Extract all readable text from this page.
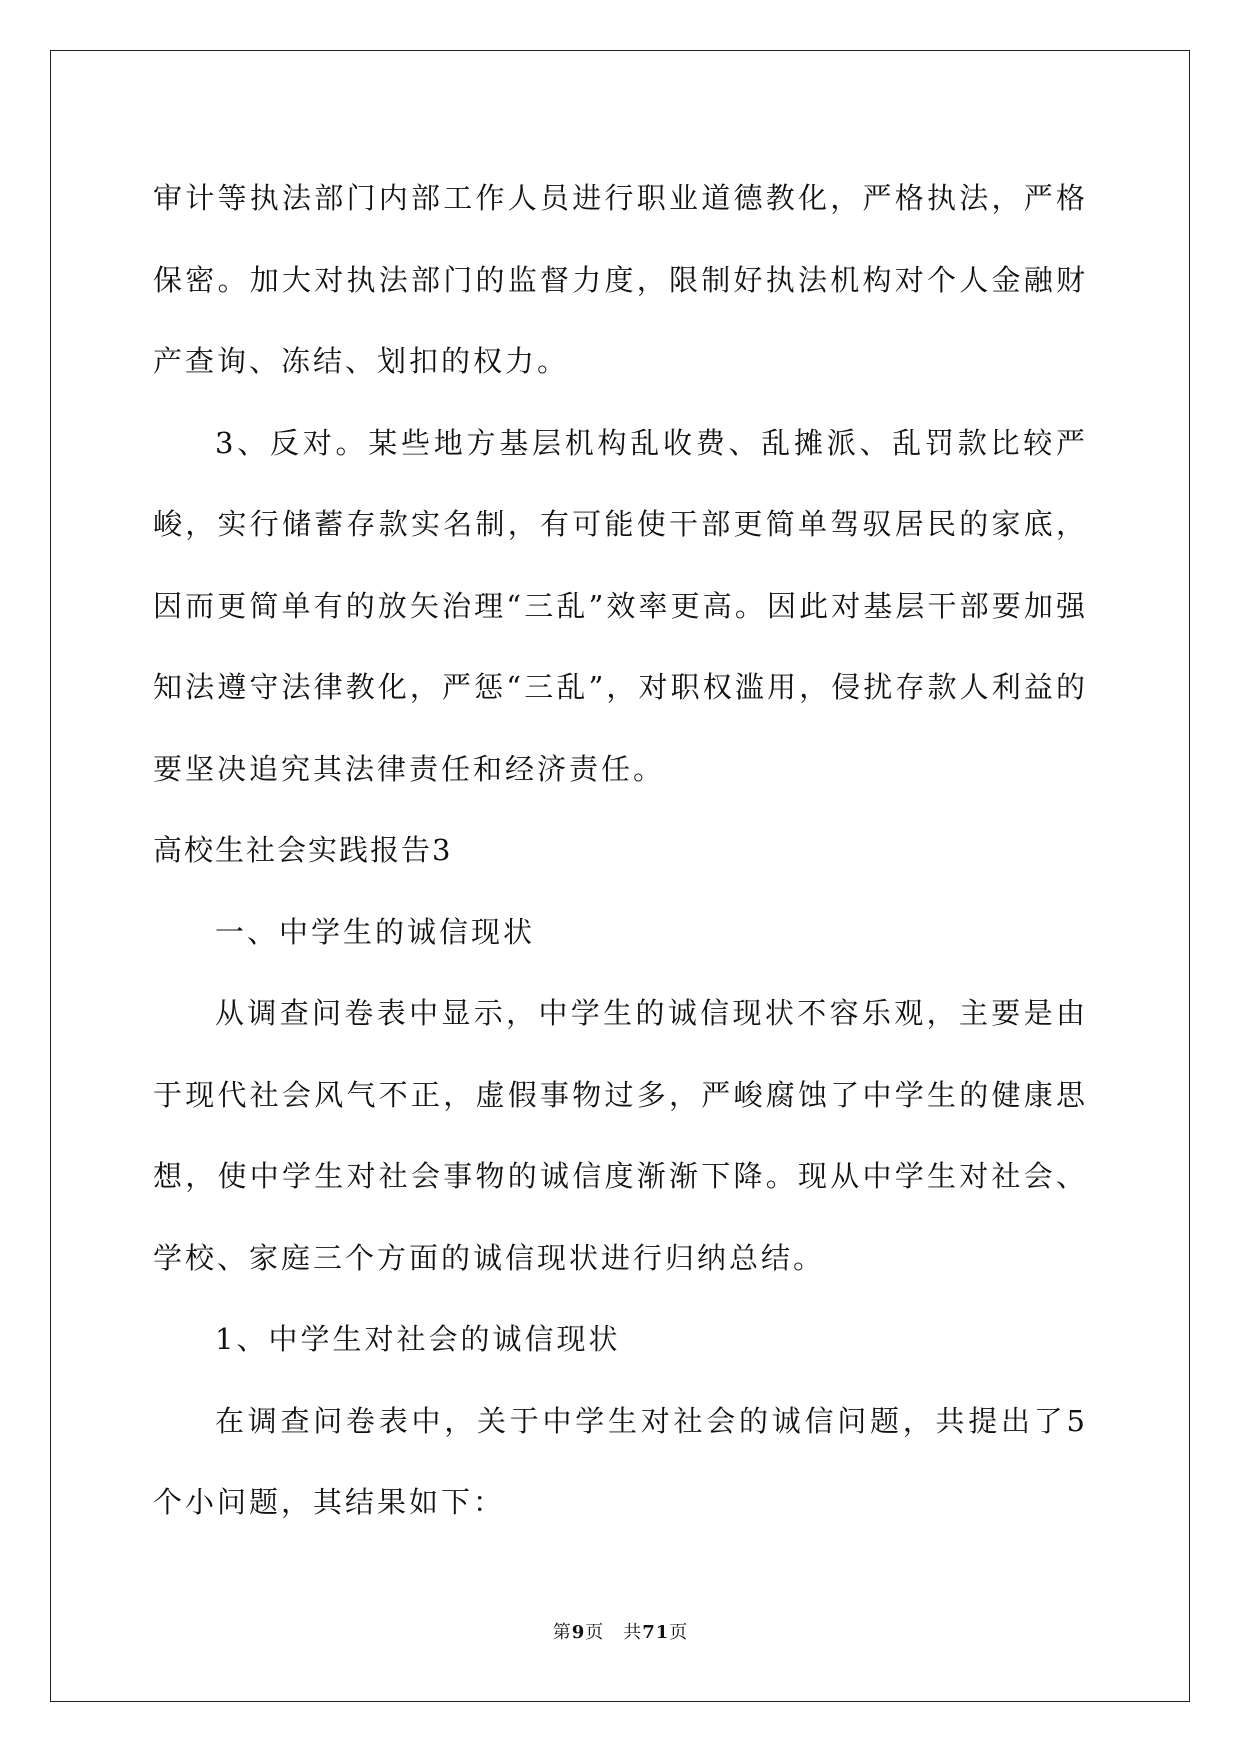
审计等执法部门内部工作人员进行职业道德教化，严格执法，严格保密。加大对执法部门的监督力度，限制好执法机构对个人金融财产查询、冻结、划扣的权力。

3、反对。某些地方基层机构乱收费、乱摊派、乱罚款比较严峻，实行储蓄存款实名制，有可能使干部更简单驾驭居民的家底，因而更简单有的放矢治理“三乱”效率更高。因此对基层干部要加强知法遵守法律教化，严惩“三乱”，对职权滥用，侵扰存款人利益的要坚决追究其法律责任和经济责任。

高校生社会实践报告3

一、中学生的诚信现状

从调查问卷表中显示，中学生的诚信现状不容乐观，主要是由于现代社会风气不正，虚假事物过多，严峻腐蚀了中学生的健康思想，使中学生对社会事物的诚信度渐渐下降。现从中学生对社会、学校、家庭三个方面的诚信现状进行归纳总结。

1、中学生对社会的诚信现状

在调查问卷表中，关于中学生对社会的诚信问题，共提出了5个小问题，其结果如下：

第9页　共71页
